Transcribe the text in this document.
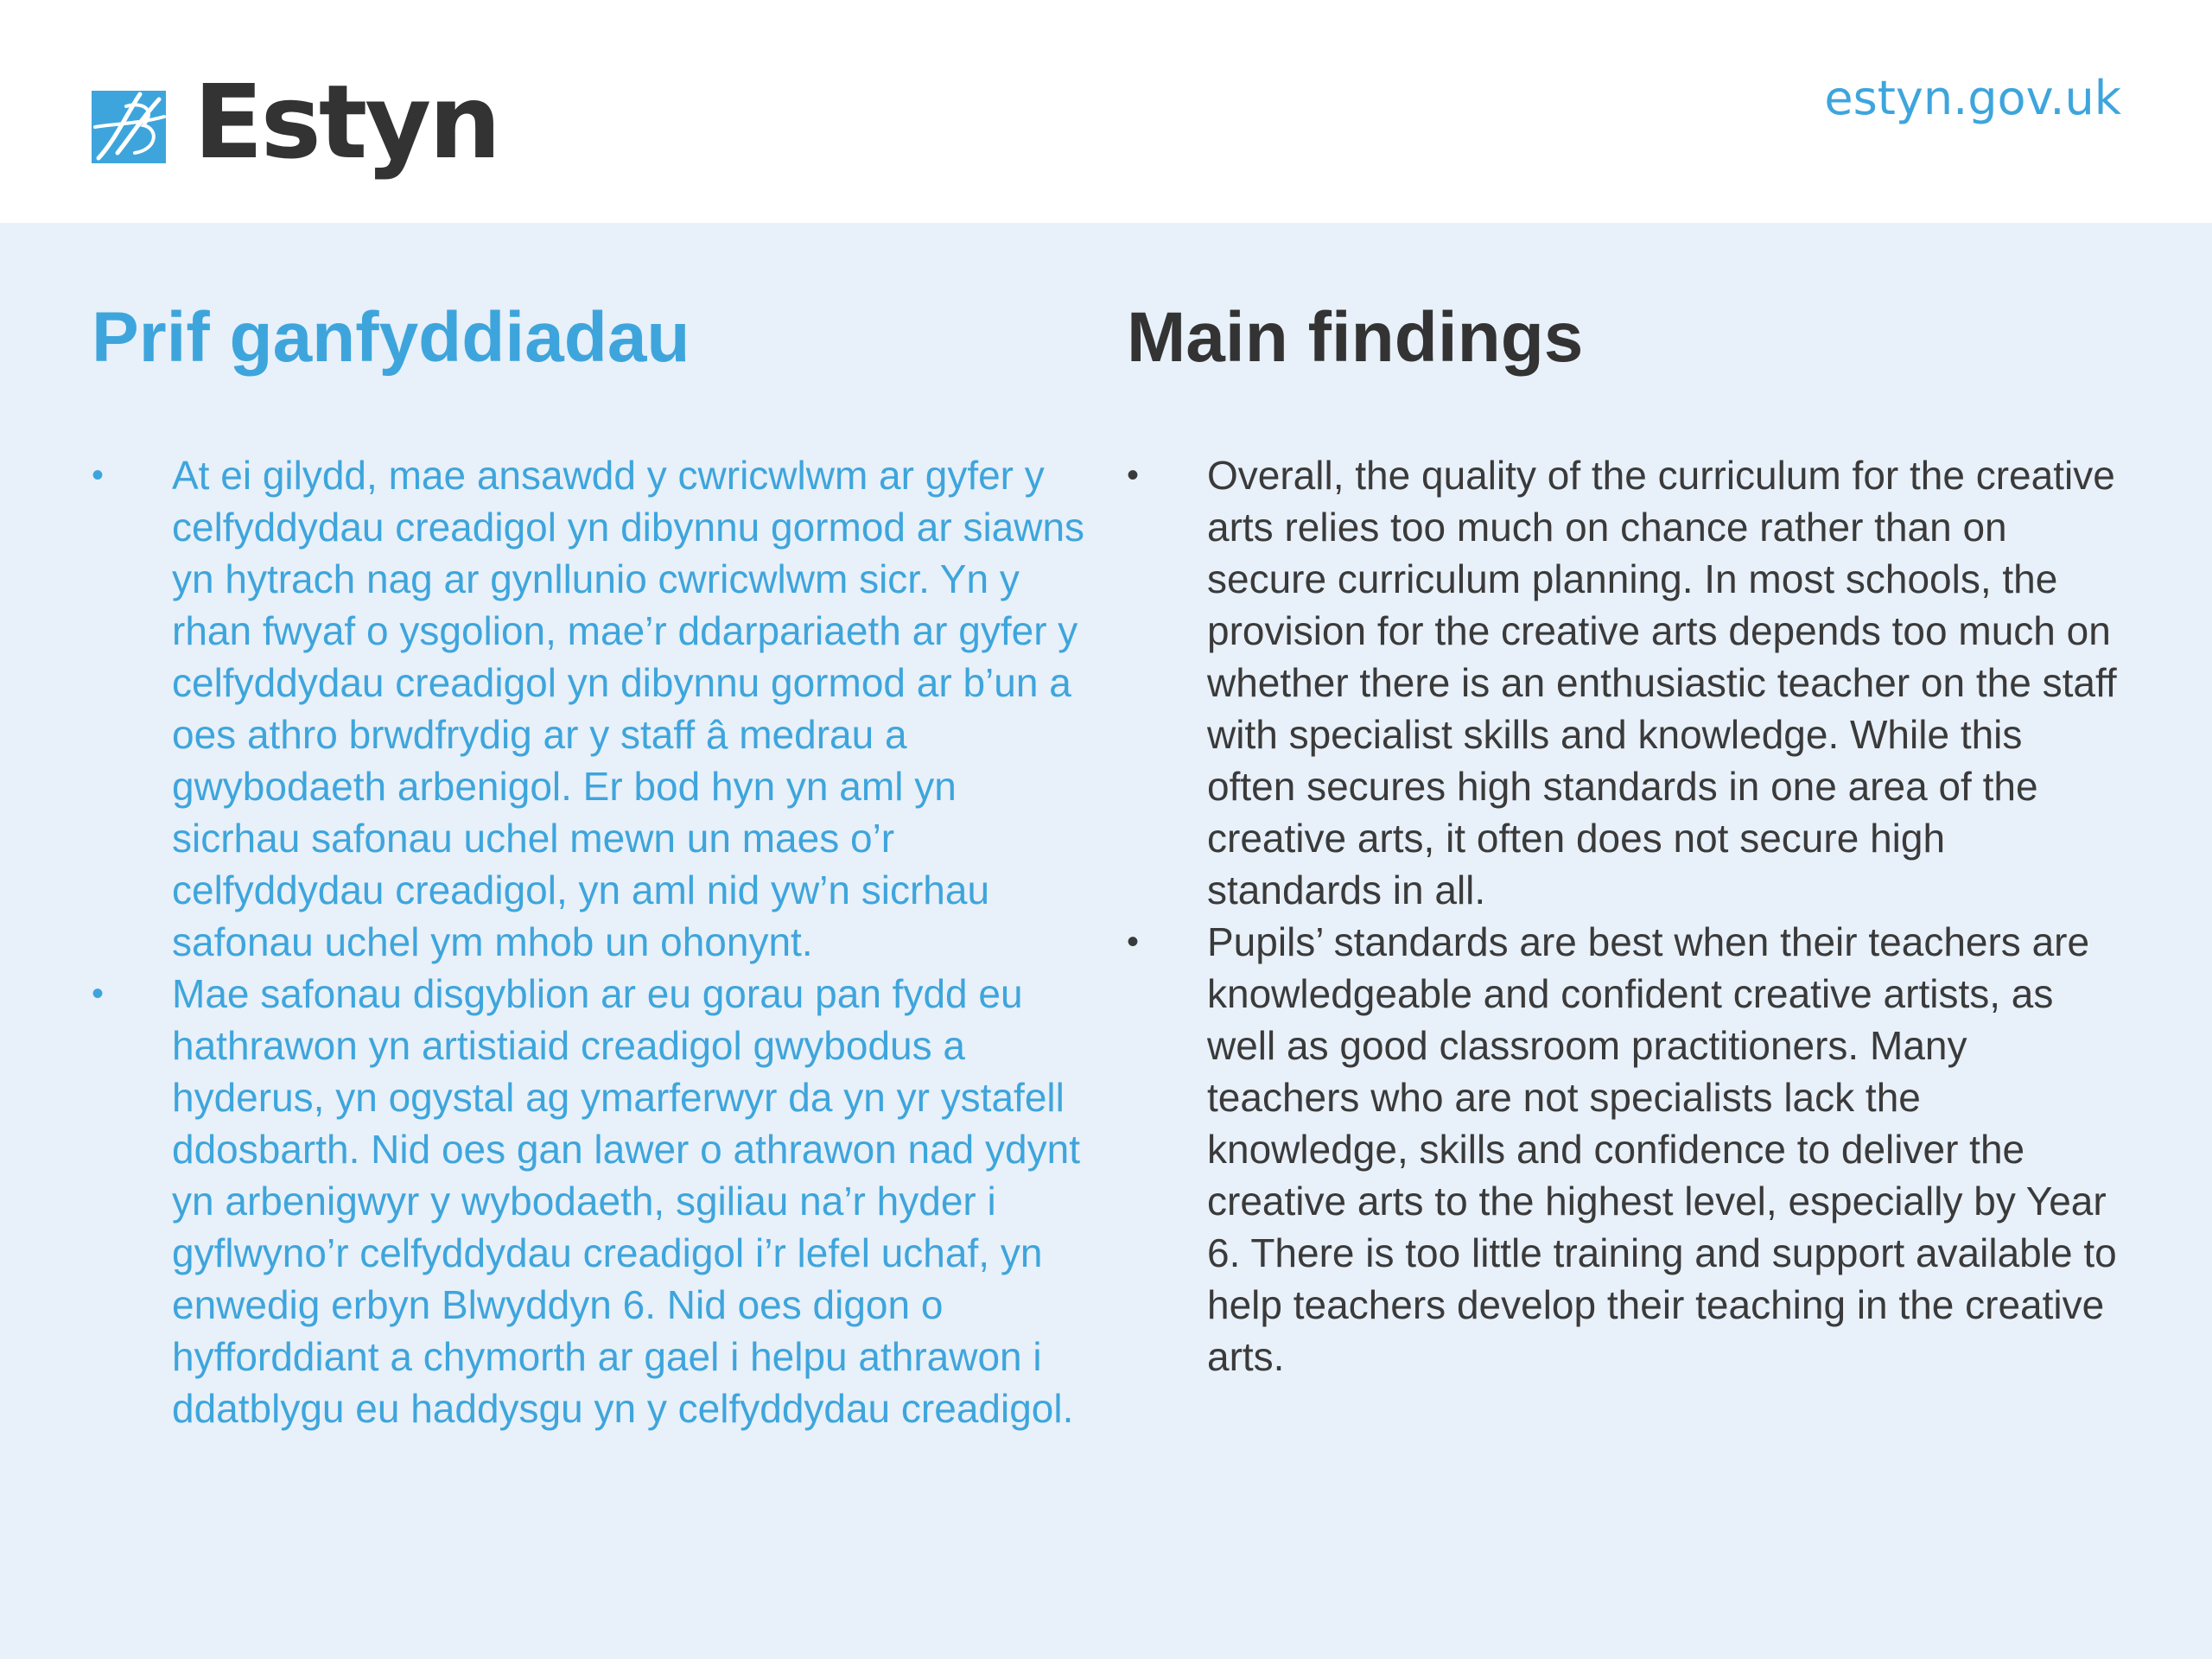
Estyn	estyn.gov.uk
Prif ganfyddiadau
• At ei gilydd, mae ansawdd y cwricwlwm ar gyfer y celfyddydau creadigol yn dibynnu gormod ar siawns yn hytrach nag ar gynllunio cwricwlwm sicr. Yn y rhan fwyaf o ysgolion, mae’r ddarpariaeth ar gyfer y celfyddydau creadigol yn dibynnu gormod ar b’un a oes athro brwdfrydig ar y staff â medrau a gwybodaeth arbenigol. Er bod hyn yn aml yn sicrhau safonau uchel mewn un maes o’r celfyddydau creadigol, yn aml nid yw’n sicrhau safonau uchel ym mhob un ohonynt.
• Mae safonau disgyblion ar eu gorau pan fydd eu hathrawon yn artistiaid creadigol gwybodus a hyderus, yn ogystal ag ymarferwyr da yn yr ystafell ddosbarth. Nid oes gan lawer o athrawon nad ydynt yn arbenigwyr y wybodaeth, sgiliau na’r hyder i gyflwyno’r celfyddydau creadigol i’r lefel uchaf, yn enwedig erbyn Blwyddyn 6. Nid oes digon o hyfforddiant a chymorth ar gael i helpu athrawon i ddatblygu eu haddysgu yn y celfyddydau creadigol.
Main findings
• Overall, the quality of the curriculum for the creative arts relies too much on chance rather than on secure curriculum planning. In most schools, the provision for the creative arts depends too much on whether there is an enthusiastic teacher on the staff with specialist skills and knowledge. While this often secures high standards in one area of the creative arts, it often does not secure high standards in all.
• Pupils’ standards are best when their teachers are knowledgeable and confident creative artists, as well as good classroom practitioners. Many teachers who are not specialists lack the knowledge, skills and confidence to deliver the creative arts to the highest level, especially by Year 6. There is too little training and support available to help teachers develop their teaching in the creative arts.
